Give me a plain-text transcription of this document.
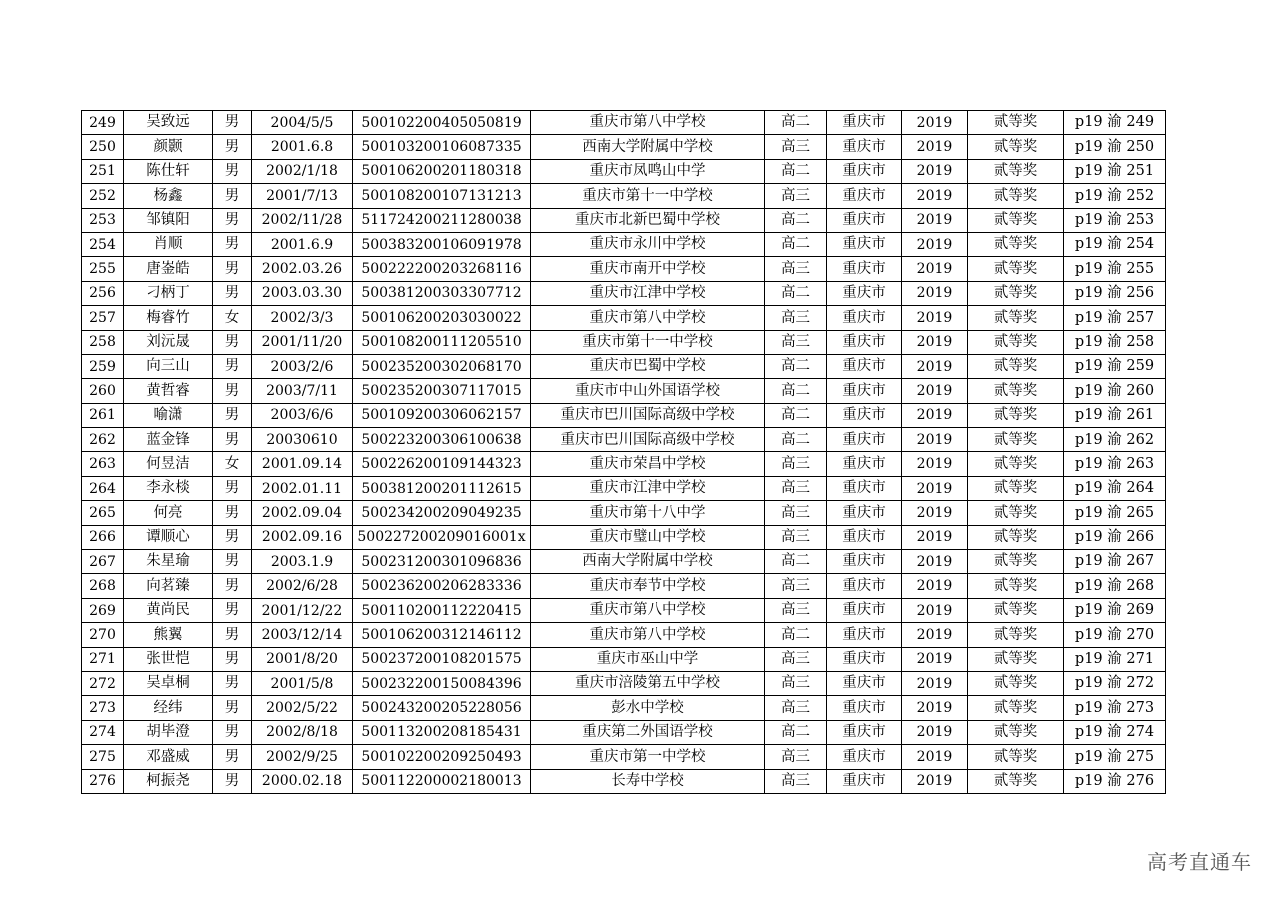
249	吴致远	男	2004/5/5	500102200405050819	重庆市第八中学校	高二	重庆市	2019	贰等奖	p19 渝 249
250	颜颢	男	2001.6.8	500103200106087335	西南大学附属中学校	高三	重庆市	2019	贰等奖	p19 渝 250
251	陈仕轩	男	2002/1/18	500106200201180318	重庆市凤鸣山中学	高二	重庆市	2019	贰等奖	p19 渝 251
252	杨鑫	男	2001/7/13	500108200107131213	重庆市第十一中学校	高三	重庆市	2019	贰等奖	p19 渝 252
253	邹镇阳	男	2002/11/28	511724200211280038	重庆市北新巴蜀中学校	高二	重庆市	2019	贰等奖	p19 渝 253
254	肖顺	男	2001.6.9	500383200106091978	重庆市永川中学校	高二	重庆市	2019	贰等奖	p19 渝 254
255	唐崟皓	男	2002.03.26	500222200203268116	重庆市南开中学校	高三	重庆市	2019	贰等奖	p19 渝 255
256	刁柄丁	男	2003.03.30	500381200303307712	重庆市江津中学校	高二	重庆市	2019	贰等奖	p19 渝 256
257	梅睿竹	女	2002/3/3	500106200203030022	重庆市第八中学校	高三	重庆市	2019	贰等奖	p19 渝 257
258	刘沅晟	男	2001/11/20	500108200111205510	重庆市第十一中学校	高三	重庆市	2019	贰等奖	p19 渝 258
259	向三山	男	2003/2/6	500235200302068170	重庆市巴蜀中学校	高二	重庆市	2019	贰等奖	p19 渝 259
260	黄哲睿	男	2003/7/11	500235200307117015	重庆市中山外国语学校	高二	重庆市	2019	贰等奖	p19 渝 260
261	喻潇	男	2003/6/6	500109200306062157	重庆市巴川国际高级中学校	高二	重庆市	2019	贰等奖	p19 渝 261
262	蓝金锋	男	20030610	500223200306100638	重庆市巴川国际高级中学校	高二	重庆市	2019	贰等奖	p19 渝 262
263	何昱洁	女	2001.09.14	500226200109144323	重庆市荣昌中学校	高三	重庆市	2019	贰等奖	p19 渝 263
264	李永棪	男	2002.01.11	500381200201112615	重庆市江津中学校	高三	重庆市	2019	贰等奖	p19 渝 264
265	何亮	男	2002.09.04	500234200209049235	重庆市第十八中学	高三	重庆市	2019	贰等奖	p19 渝 265
266	谭顺心	男	2002.09.16	500227200209016001x	重庆市璧山中学校	高三	重庆市	2019	贰等奖	p19 渝 266
267	朱星瑜	男	2003.1.9	500231200301096836	西南大学附属中学校	高二	重庆市	2019	贰等奖	p19 渝 267
268	向茗臻	男	2002/6/28	500236200206283336	重庆市奉节中学校	高三	重庆市	2019	贰等奖	p19 渝 268
269	黄尚民	男	2001/12/22	500110200112220415	重庆市第八中学校	高三	重庆市	2019	贰等奖	p19 渝 269
270	熊翼	男	2003/12/14	500106200312146112	重庆市第八中学校	高二	重庆市	2019	贰等奖	p19 渝 270
271	张世恺	男	2001/8/20	500237200108201575	重庆市巫山中学	高三	重庆市	2019	贰等奖	p19 渝 271
272	吴卓桐	男	2001/5/8	500232200150084396	重庆市涪陵第五中学校	高三	重庆市	2019	贰等奖	p19 渝 272
273	经纬	男	2002/5/22	500243200205228056	彭水中学校	高三	重庆市	2019	贰等奖	p19 渝 273
274	胡毕澄	男	2002/8/18	500113200208185431	重庆第二外国语学校	高二	重庆市	2019	贰等奖	p19 渝 274
275	邓盛威	男	2002/9/25	500102200209250493	重庆市第一中学校	高三	重庆市	2019	贰等奖	p19 渝 275
276	柯振尧	男	2000.02.18	500112200002180013	长寿中学校	高三	重庆市	2019	贰等奖	p19 渝 276
高考直通车
